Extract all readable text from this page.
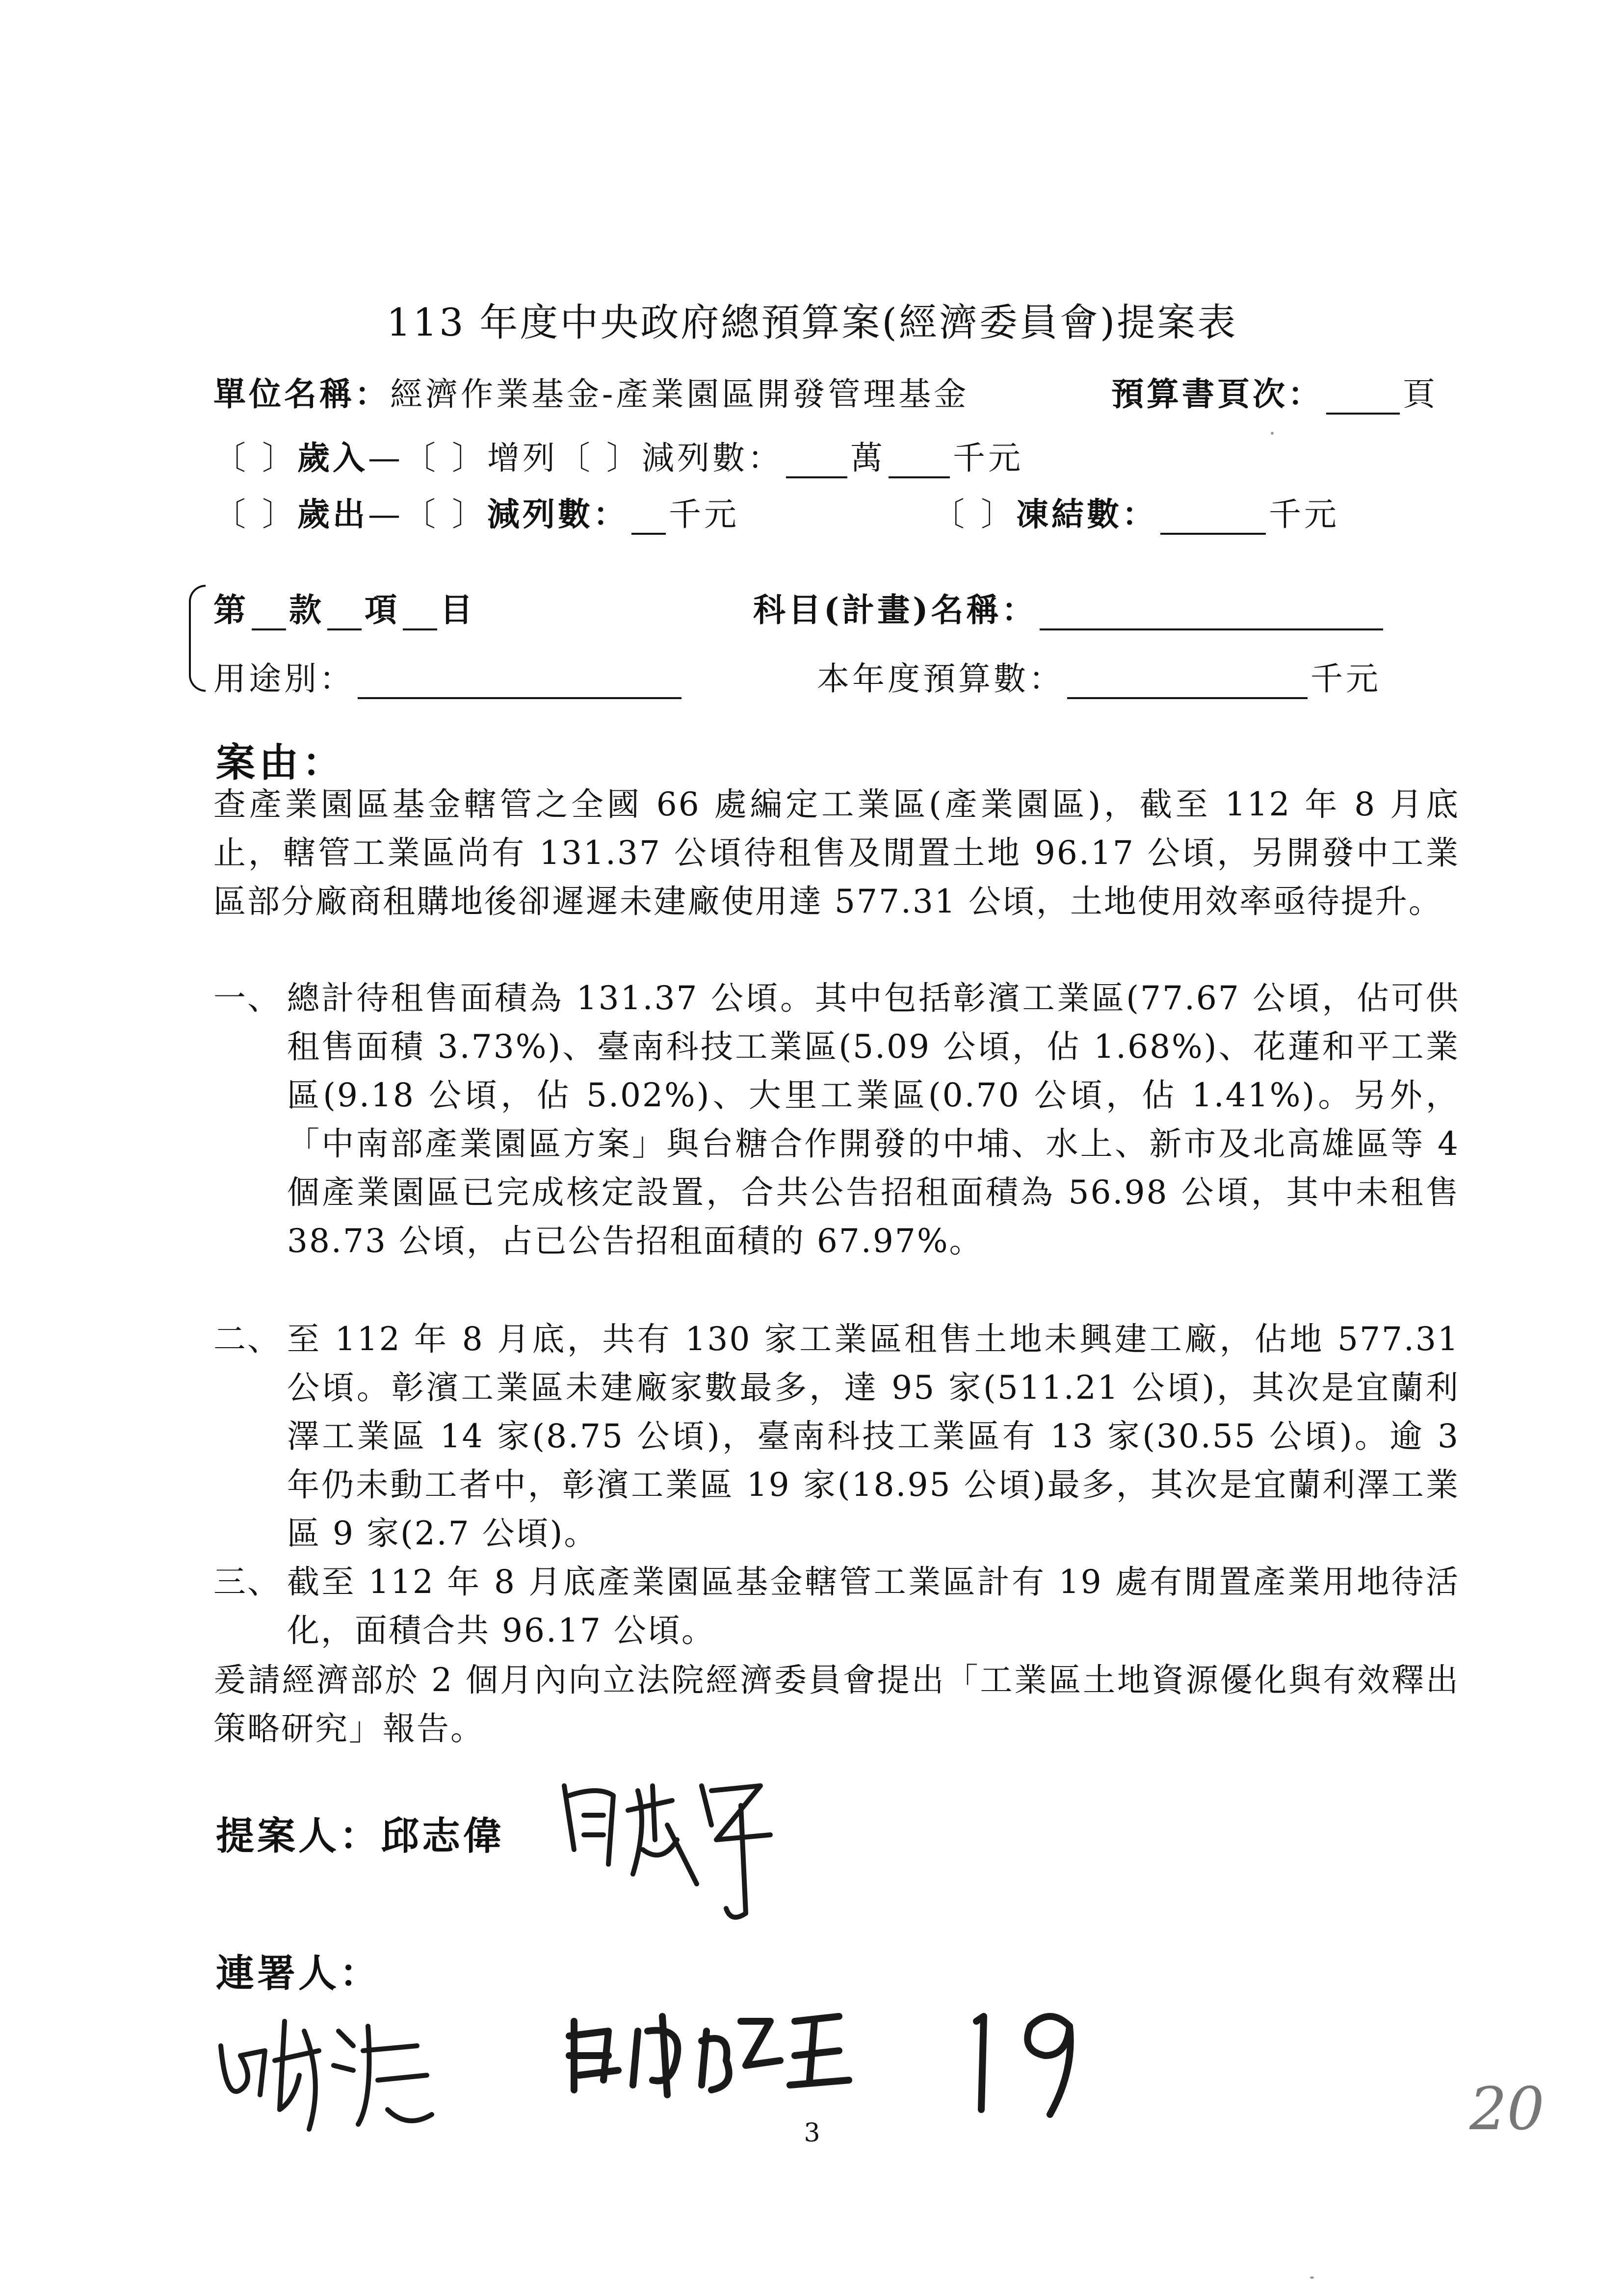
113 年度中央政府總預算案(經濟委員會)提案表
單位名稱：經濟作業基金-產業園區開發管理基金	預算書頁次： 頁
〔 〕歲入—〔 〕增列〔 〕減列數： 萬 千元
〔 〕歲出—〔 〕減列數： 千元	〔 〕凍結數：	千元
第 款 項 目	科目(計畫)名稱：
用途別：	本年度預算數：	千元
案由：
查產業園區基金轄管之全國 66 處編定工業區(產業園區)，截至 112 年 8 月底止，轄管工業區尚有 131.37 公頃待租售及閒置土地 96.17 公頃，另開發中工業區部分廠商租購地後卻遲遲未建廠使用達 577.31 公頃，土地使用效率亟待提升。
一、 總計待租售面積為 131.37 公頃。其中包括彰濱工業區(77.67 公頃，佔可供租售面積 3.73%)、臺南科技工業區(5.09 公頃，佔 1.68%)、花蓮和平工業區(9.18 公頃，佔 5.02%)、大里工業區(0.70 公頃，佔 1.41%)。另外，「中南部產業園區方案」與台糖合作開發的中埔、水上、新市及北高雄區等 4 個產業園區已完成核定設置，合共公告招租面積為 56.98 公頃，其中未租售 38.73 公頃，占已公告招租面積的 67.97%。
二、 至 112 年 8 月底，共有 130 家工業區租售土地未興建工廠，佔地 577.31 公頃。彰濱工業區未建廠家數最多，達 95 家(511.21 公頃)，其次是宜蘭利澤工業區 14 家(8.75 公頃)，臺南科技工業區有 13 家(30.55 公頃)。逾 3 年仍未動工者中，彰濱工業區 19 家(18.95 公頃)最多，其次是宜蘭利澤工業區 9 家(2.7 公頃)。
三、 截至 112 年 8 月底產業園區基金轄管工業區計有 19 處有閒置產業用地待活化，面積合共 96.17 公頃。
爰請經濟部於 2 個月內向立法院經濟委員會提出「工業區土地資源優化與有效釋出策略研究」報告。
提案人：邱志偉
連署人：
3	20
